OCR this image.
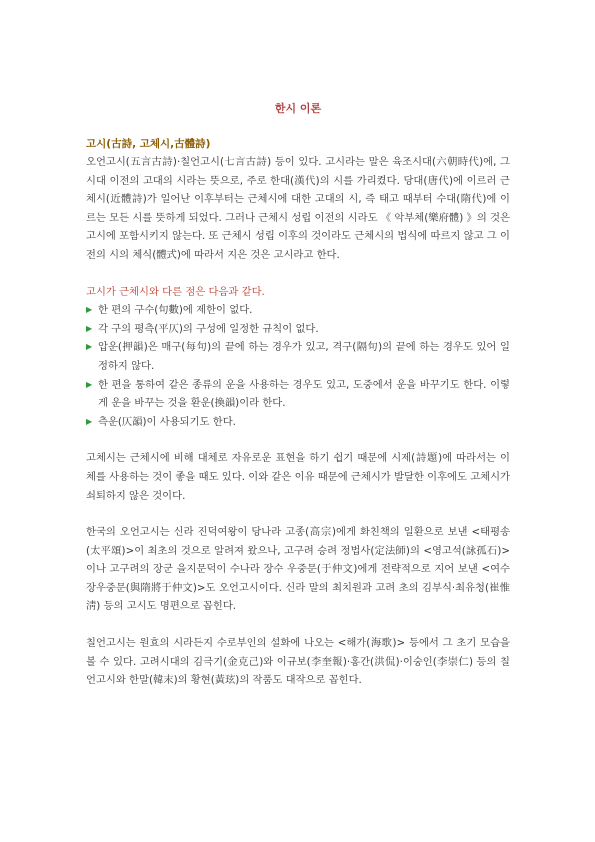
한시 이론
고시(古詩, 고체시,古體詩)

오언고시(五言古詩)·칠언고시(七言古詩) 등이 있다. 고시라는 말은 육조시대(六朝時代)에, 그 시대 이전의 고대의 시라는 뜻으로, 주로 한대(漢代)의 시를 가리켰다. 당대(唐代)에 이르러 근체시(近體詩)가 일어난 이후부터는 근체시에 대한 고대의 시, 즉 태고 때부터 수대(隋代)에 이르는 모든 시를 뜻하게 되었다. 그러나 근체시 성립 이전의 시라도 《 악부체(樂府體) 》의 것은 고시에 포함시키지 않는다. 또 근체시 성립 이후의 것이라도 근체시의 법식에 따르지 않고 그 이전의 시의 체식(體式)에 따라서 지은 것은 고시라고 한다.

고시가 근체시와 다른 점은 다음과 같다.

▶ 한 편의 구수(句數)에 제한이 없다.
▶ 각 구의 평측(平仄)의 구성에 일정한 규칙이 없다.
▶ 압운(押韻)은 매구(每句)의 끝에 하는 경우가 있고, 격구(隔句)의 끝에 하는 경우도 있어 일정하지 않다.
▶ 한 편을 통하여 같은 종류의 운을 사용하는 경우도 있고, 도중에서 운을 바꾸기도 한다. 이렇게 운을 바꾸는 것을 환운(換韻)이라 한다.
▶ 측운(仄韻)이 사용되기도 한다.

고체시는 근체시에 비해 대체로 자유로운 표현을 하기 쉽기 때문에 시제(詩題)에 따라서는 이 체를 사용하는 것이 좋을 때도 있다. 이와 같은 이유 때문에 근체시가 발달한 이후에도 고체시가 쇠퇴하지 않은 것이다.

한국의 오언고시는 신라 진덕여왕이 당나라 고종(高宗)에게 화친책의 일환으로 보낸 <태평송(太平頌)>이 최초의 것으로 알려져 왔으나, 고구려 승려 정법사(定法師)의 <영고석(詠孤石)>이나 고구려의 장군 을지문덕이 수나라 장수 우중문(于仲文)에게 전략적으로 지어 보낸 <여수장우중문(與隋將于仲文)>도 오언고시이다. 신라 말의 최치원과 고려 초의 김부식·최유청(崔惟淸) 등의 고시도 명편으로 꼽힌다.

칠언고시는 원효의 시라든지 수로부인의 설화에 나오는 <해가(海歌)> 등에서 그 초기 모습을 볼 수 있다. 고려시대의 김극기(金克己)와 이규보(李奎報)·홍간(洪侃)·이숭인(李崇仁) 등의 칠언고시와 한말(韓末)의 황현(黃玹)의 작품도 대작으로 꼽힌다.
